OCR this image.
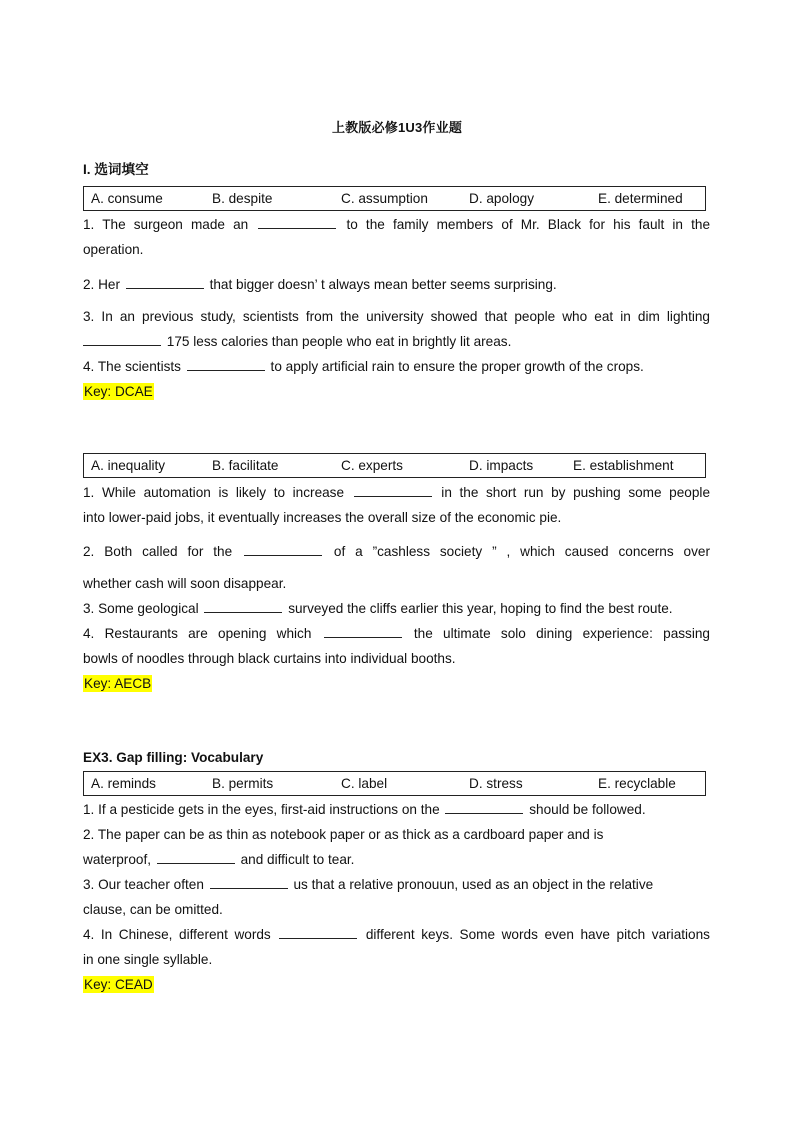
上教版必修1U3作业题
I. 选词填空
A. consume	B. despite	C. assumption	D. apology	E. determined
1. The surgeon made an	to the family members of Mr. Black for his fault in the
operation.
2. Her	that bigger doesn’ t always mean better seems surprising.
3. In an previous study, scientists from the university showed that people who eat in dim lighting
175 less calories than people who eat in brightly lit areas.
4. The scientists	to apply artificial rain to ensure the proper growth of the crops.
Key: DCAE
A. inequality	B. facilitate	C. experts	D. impacts	E. establishment
1. While automation is likely to increase	in the short run by pushing some people
into lower-paid jobs, it eventually increases the overall size of the economic pie.
2. Both called for the	of a ”cashless society ” , which caused concerns over
whether cash will soon disappear.
3. Some geological	surveyed the cliffs earlier this year, hoping to find the best route.
4. Restaurants are opening which	the ultimate solo dining experience: passing
bowls of noodles through black curtains into individual booths.
Key: AECB
EX3. Gap filling: Vocabulary
A. reminds	B. permits	C. label	D. stress	E. recyclable
1. If a pesticide gets in the eyes, first-aid instructions on the	should be followed.
2. The paper can be as thin as notebook paper or as thick as a cardboard paper and is
waterproof,	and difficult to tear.
3. Our teacher often	us that a relative pronouun, used as an object in the relative
clause, can be omitted.
4. In Chinese, different words	different keys. Some words even have pitch variations
in one single syllable.
Key: CEAD
